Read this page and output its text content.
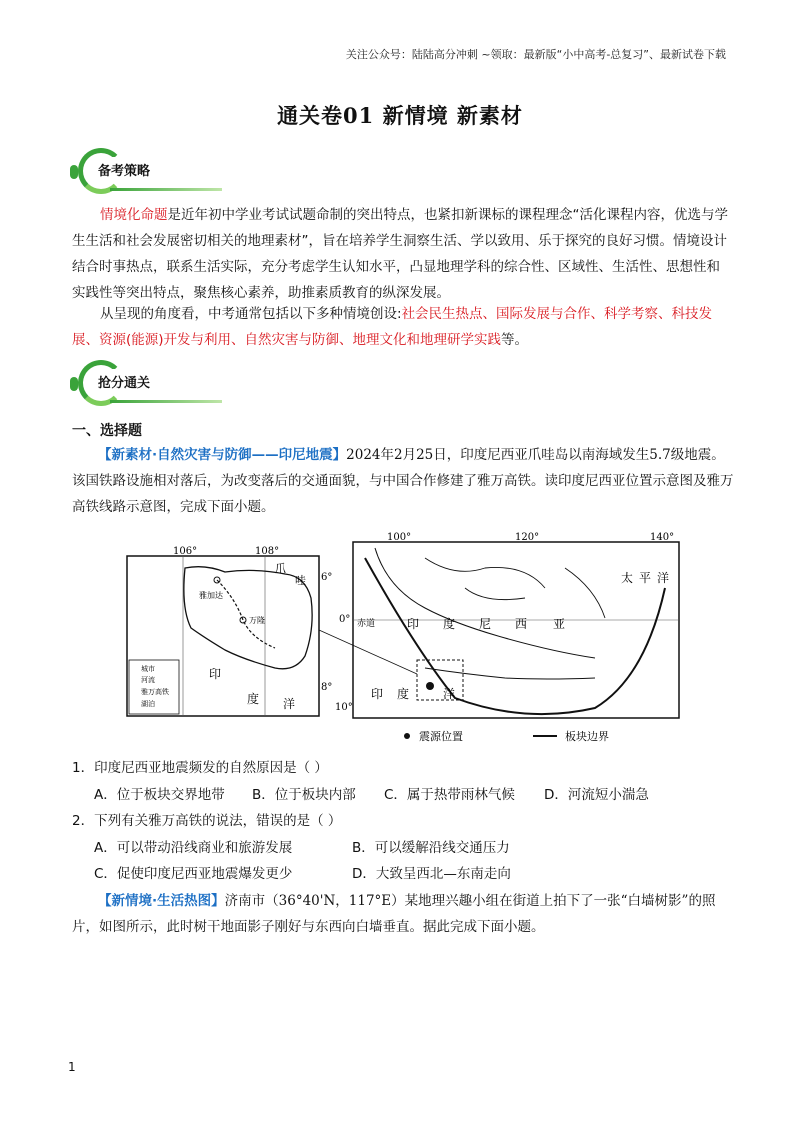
关注公众号：陆陆高分冲刺 ~领取：最新版“小中高考-总复习”、最新试卷下载
通关卷01 新情境 新素材
备考策略

情境化命题是近年初中学业考试试题命制的突出特点，也紧扣新课标的课程理念“活化课程内容，优选与学生生活和社会发展密切相关的地理素材”，旨在培养学生洞察生活、学以致用、乐于探究的良好习惯。情境设计结合时事热点，联系生活实际，充分考虑学生认知水平，凸显地理学科的综合性、区域性、生活性、思想性和实践性等突出特点，聚焦核心素养，助推素质教育的纵深发展。

从呈现的角度看，中考通常包括以下多种情境创设:社会民生热点、国际发展与合作、科学考察、科技发展、资源(能源)开发与利用、自然灾害与防御、地理文化和地理研学实践等。

抢分通关
一、选择题

【新素材·自然灾害与防御——印尼地震】2024年2月25日，印度尼西亚爪哇岛以南海域发生5.7级地震。该国铁路设施相对落后，为改变落后的交通面貌，与中国合作修建了雅万高铁。读印度尼西亚位置示意图及雅万高铁线路示意图，完成下面小题。

106°	108°
6°
8°
雅加达
万隆
爪
哇
印
度 洋
城市
河流
雅万高铁
湖泊
100°	120°	140°
0°
10°
赤道	印 度 尼 西 亚
太 平 洋
印 度	洋
震源位置	板块边界
1．印度尼西亚地震频发的自然原因是（ ）
A．位于板块交界地带 B．位于板块内部 C．属于热带雨林气候 D．河流短小湍急
2．下列有关雅万高铁的说法，错误的是（ ）
A．可以带动沿线商业和旅游发展	B．可以缓解沿线交通压力
C．促使印度尼西亚地震爆发更少	D．大致呈西北—东南走向

【新情境·生活热图】济南市（36°40'N，117°E）某地理兴趣小组在街道上拍下了一张“白墙树影”的照片，如图所示，此时树干地面影子刚好与东西向白墙垂直。据此完成下面小题。

1
